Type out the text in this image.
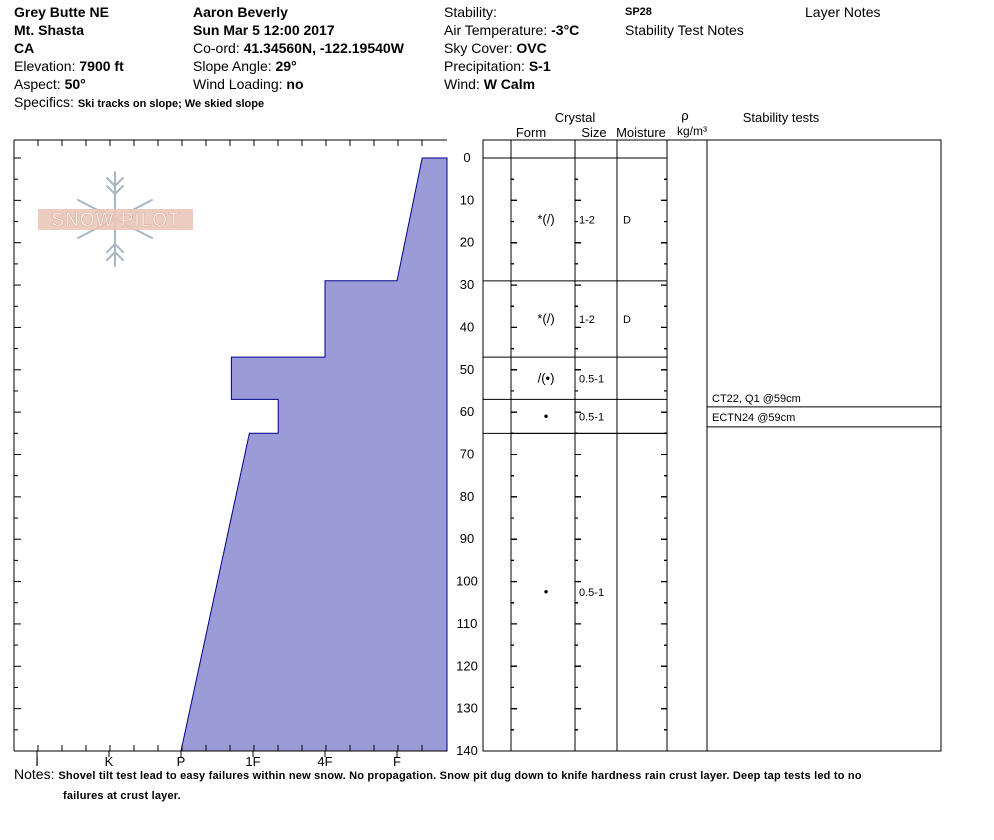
Grey Butte NE
Mt. Shasta
CA
Elevation: 7900 ft
Aspect: 50°
Specifics: Ski tracks on slope; We skied slope
Aaron Beverly
Sun Mar 5 12:00 2017
Co-ord: 41.34560N, -122.19540W
Slope Angle: 29°
Wind Loading: no
Stability:
Air Temperature: -3°C
Sky Cover: OVC
Precipitation: S-1
Wind: W Calm
SP28
Stability Test Notes
Layer Notes
SNOW PILOT
I	K	P	1F	4F	F
0
10
20
30
40
50
60
70
80
90
100
110
120
130
140
*(/) 1-2	D
*(/) 1-2	D
/(•) 0.5-1
•	0.5-1
•	0.5-1
CT22, Q1 @59cm
ECTN24 @59cm
Crystal
Form	Size Moisture
ρ
kg/m³
Stability tests
Notes: Shovel tilt test lead to easy failures within new snow. No propagation. Snow pit dug down to knife hardness rain crust layer. Deep tap tests led to no
failures at crust layer.
